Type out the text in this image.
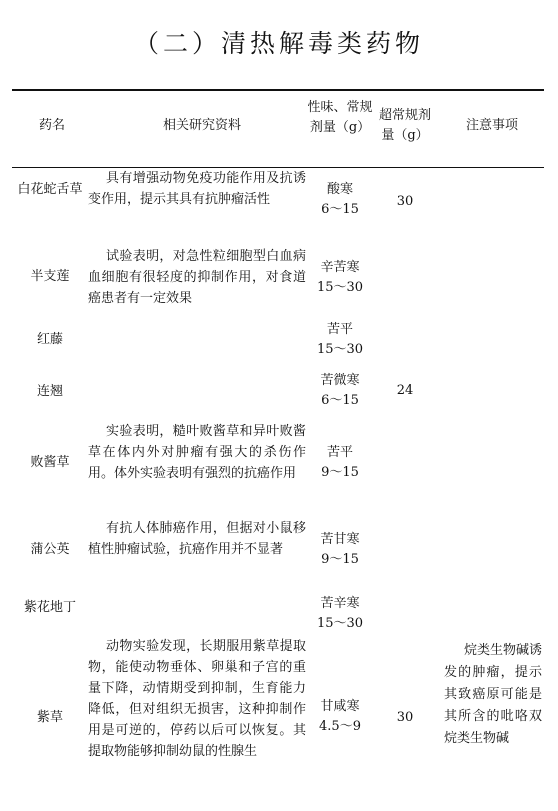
（二）清热解毒类药物
药名	相关研究资料
性味、常规剂量（g）
超常规剂量（g）
注意事项
白花蛇舌草
具有增强动物免疫功能作用及抗诱变作用，提示其具有抗肿瘤活性
酸寒
6～15
30
半支莲
试验表明，对急性粒细胞型白血病血细胞有很轻度的抑制作用，对食道癌患者有一定效果
辛苦寒
15～30
红藤
苦平
15～30
连翘
苦微寒
6～15
24
败酱草
实验表明，糙叶败酱草和异叶败酱草在体内外对肿瘤有强大的杀伤作用。体外实验表明有强烈的抗癌作用
苦平
9～15
蒲公英
有抗人体肺癌作用，但据对小鼠移植性肿瘤试验，抗癌作用并不显著
苦甘寒
9～15
紫花地丁	苦辛寒
15～30
紫草
动物实验发现，长期服用紫草提取物，能使动物垂体、卵巢和子宫的重量下降，动情期受到抑制，生育能力降低，但对组织无损害，这种抑制作用是可逆的，停药以后可以恢复。其提取物能够抑制幼鼠的性腺生
甘咸寒
4.5～9
30
烷类生物碱诱发的肿瘤，提示其致癌原可能是其所含的吡咯双烷类生物碱
